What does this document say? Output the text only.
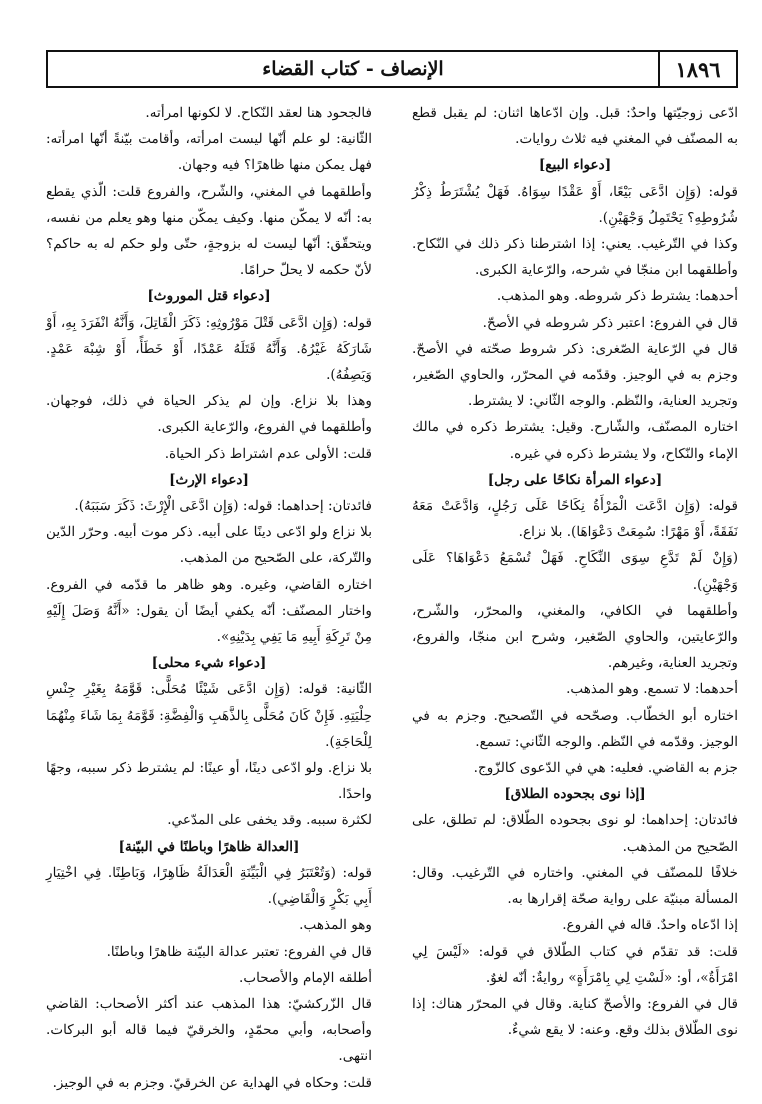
١٨٩٦
الإنصاف - كتاب القضاء

ادّعى زوجيّتها واحدٌ: قبل. وإن ادّعاها اثنان: لم يقبل قطع به المصنّف في المغني فيه ثلاث روايات.

[دعواء البيع]

قوله: (وَإِن ادَّعَى بَيْعًا، أَوْ عَقْدًا سِوَاهُ. فَهَلْ يُشْتَرَطُ ذِكْرُ شُرُوطِهِ؟ يَحْتَمِلُ وَجْهَيْنِ).

وكذا في التّرغيب. يعني: إذا اشترطنا ذكر ذلك في النّكاح. وأطلقهما ابن منجّا في شرحه، والرّعاية الكبرى.

أحدهما: يشترط ذكر شروطه. وهو المذهب.

قال في الفروع: اعتبر ذكر شروطه في الأصحّ.

قال في الرّعاية الصّغرى: ذكر شروط صحّته في الأصحّ. وجزم به في الوجيز. وقدّمه في المحرّر، والحاوي الصّغير، وتجريد العناية، والنّظم. والوجه الثّاني: لا يشترط.

اختاره المصنّف، والشّارح. وقيل: يشترط ذكره في مالك الإماء والنّكاح، ولا يشترط ذكره في غيره.

[دعواء المرأة نكاحًا على رجل]

قوله: (وَإِن ادَّعَت الْمَرْأَةُ نِكَاحًا عَلَى رَجُلٍ، وَادَّعَتْ مَعَهُ نَفَقَةً، أَوْ مَهْرًا: سُمِعَتْ دَعْوَاهَا). بلا نزاع.

(وَإِنْ لَمْ تَدَّعِ سِوَى النِّكَاحِ. فَهَلْ تُسْمَعُ دَعْوَاهَا؟ عَلَى وَجْهَيْنِ).

وأطلقهما في الكافي، والمغني، والمحرّر، والشّرح، والرّعايتين، والحاوي الصّغير، وشرح ابن منجّا، والفروع، وتجريد العناية، وغيرهم.

أحدهما: لا تسمع. وهو المذهب.

اختاره أبو الخطّاب. وصحّحه في التّصحيح. وجزم به في الوجيز. وقدّمه في النّظم. والوجه الثّاني: تسمع.

جزم به القاضي. فعليه: هي في الدّعوى كالزّوج.

[إذا نوى بجحوده الطلاق]

فائدتان: إحداهما: لو نوى بجحوده الطّلاق: لم تطلق، على الصّحيح من المذهب.

خلافًا للمصنّف في المغني. واختاره في التّرغيب. وقال: المسألة مبنيّة على رواية صحّة إقرارها به.

إذا ادّعاه واحدٌ. قاله في الفروع.

قلت: قد تقدّم في كتاب الطّلاق في قوله: «لَيْسَ لِي امْرَأَةٌ»، أو: «لَسْتِ لِي بِامْرَأَةٍ» روايةٌ: أنّه لغوٌ.

قال في الفروع: والأصحّ كناية. وقال في المحرّر هناك: إذا نوى الطّلاق بذلك وقع. وعنه: لا يقع شيءٌ.

فالجحود هنا لعقد النّكاح. لا لكونها امرأته.

الثّانية: لو علم أنّها ليست امرأته، وأقامت بيّنةً أنّها امرأته: فهل يمكن منها ظاهرًا؟ فيه وجهان.

وأطلقهما في المغني، والشّرح، والفروع قلت: الّذي يقطع به: أنّه لا يمكّن منها. وكيف يمكّن منها وهو يعلم من نفسه، ويتحقّق: أنّها ليست له بزوجةٍ، حتّى ولو حكم له به حاكم؟ لأنّ حكمه لا يحلّ حرامًا.

[دعواء قتل الموروث]

قوله: (وَإِن ادَّعَى قَتْلَ مَوْرُوثِهِ: ذَكَرَ الْقَاتِلَ، وَأَنَّهُ انْفَرَدَ بِهِ، أَوْ شَارَكَهُ غَيْرُهُ. وَأَنَّهُ قَتَلَهُ عَمْدًا، أَوْ خَطَأً، أَوْ شِبْهَ عَمْدٍ. وَيَصِفُهُ).

وهذا بلا نزاع. وإن لم يذكر الحياة في ذلك، فوجهان. وأطلقهما في الفروع، والرّعاية الكبرى.

قلت: الأولى عدم اشتراط ذكر الحياة.

[دعواء الإرث]

فائدتان: إحداهما: قوله: (وَإِن ادَّعَى الْإِرْثَ: ذَكَرَ سَبَبَهُ).

بلا نزاع ولو ادّعى دينًا على أبيه. ذكر موت أبيه. وحرّر الدّين والتّركة، على الصّحيح من المذهب.

اختاره القاضي، وغيره. وهو ظاهر ما قدّمه في الفروع. واختار المصنّف: أنّه يكفي أيضًا أن يقول: «أَنَّهُ وَصَلَ إِلَيْهِ مِنْ تَرِكَةِ أَبِيهِ مَا يَفِي بِدَيْنِهِ».

[دعواء شيء محلى]

الثّانية: قوله: (وَإِن ادَّعَى شَيْئًا مُحَلًّى: قَوَّمَهُ بِغَيْرِ جِنْسِ حِلْيَتِهِ. فَإِنْ كَانَ مُحَلًّى بِالذَّهَبِ وَالْفِضَّةِ: قَوَّمَهُ بِمَا شَاءَ مِنْهُمَا لِلْحَاجَةِ).

بلا نزاع. ولو ادّعى دينًا، أو عينًا: لم يشترط ذكر سببه، وجهًا واحدًا.

لكثرة سببه. وقد يخفى على المدّعي.

[العدالة ظاهرًا وباطنًا في البيّنة]

قوله: (وَتُعْتَبَرُ فِي الْبَيِّنَةِ الْعَدَالَةُ ظَاهِرًا، وَبَاطِنًا. فِي اخْتِيَارِ أَبِي بَكْرٍ وَالْقَاضِي).

وهو المذهب.

قال في الفروع: تعتبر عدالة البيّنة ظاهرًا وباطنًا.

أطلقه الإمام والأصحاب.

قال الزّركشيّ: هذا المذهب عند أكثر الأصحاب: القاضي وأصحابه، وأبي محمّدٍ، والخرقيّ فيما قاله أبو البركات. انتهى.

قلت: وحكاه في الهداية عن الخرقيّ. وجزم به في الوجيز.
